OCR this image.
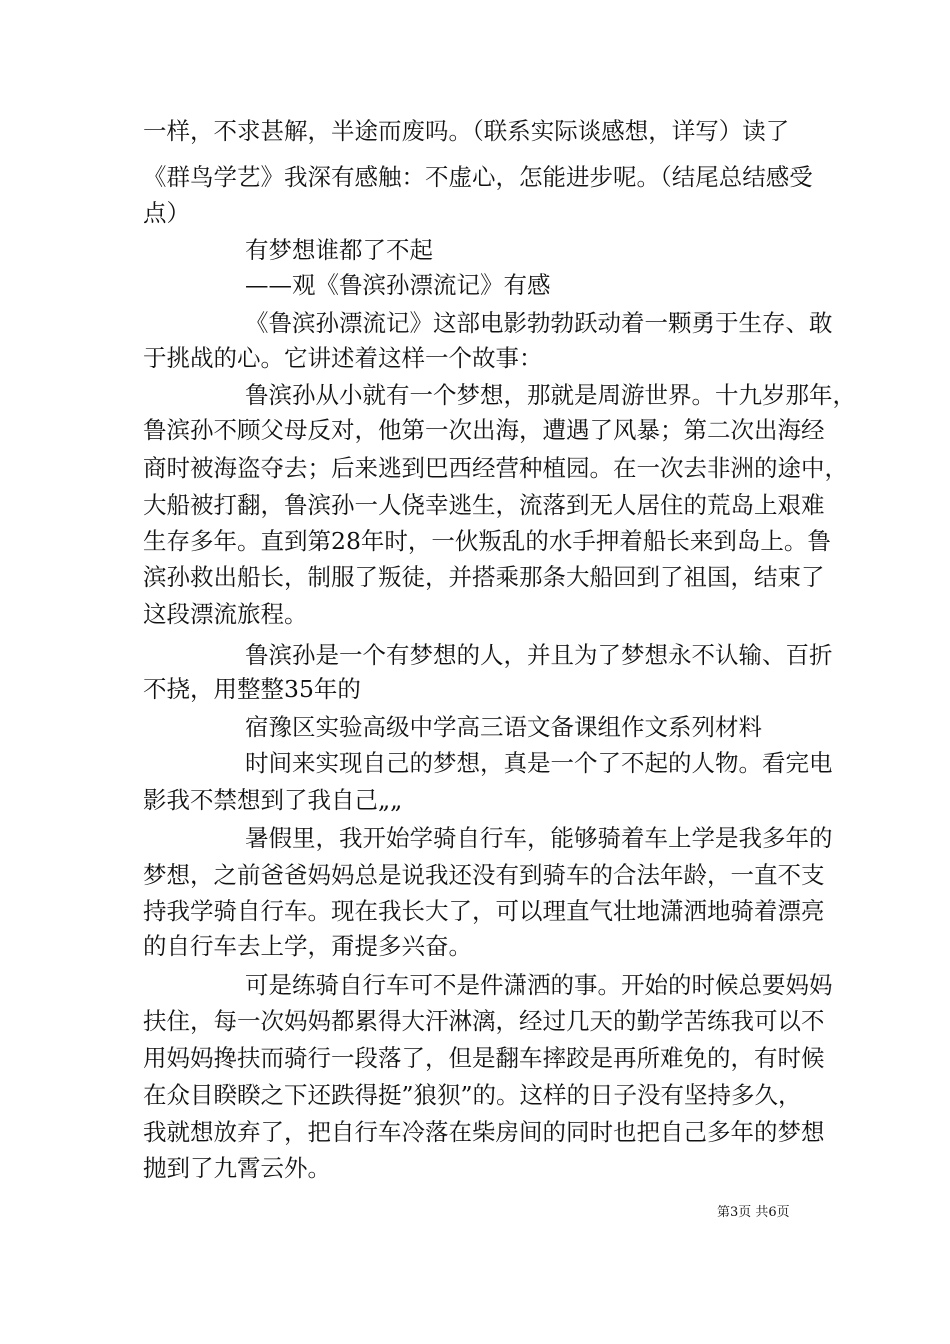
一样，不求甚解，半途而废吗。（联系实际谈感想，详写）读了
《群鸟学艺》我深有感触：不虚心，怎能进步呢。（结尾总结感受
点）
有梦想谁都了不起
——观《鲁滨孙漂流记》有感
《鲁滨孙漂流记》这部电影勃勃跃动着一颗勇于生存、敢
于挑战的心。它讲述着这样一个故事：
鲁滨孙从小就有一个梦想，那就是周游世界。十九岁那年，
鲁滨孙不顾父母反对，他第一次出海，遭遇了风暴；第二次出海经
商时被海盗夺去；后来逃到巴西经营种植园。在一次去非洲的途中，
大船被打翻，鲁滨孙一人侥幸逃生，流落到无人居住的荒岛上艰难
生存多年。直到第28年时，一伙叛乱的水手押着船长来到岛上。鲁
滨孙救出船长，制服了叛徒，并搭乘那条大船回到了祖国，结束了
这段漂流旅程。
鲁滨孙是一个有梦想的人，并且为了梦想永不认输、百折
不挠，用整整35年的
宿豫区实验高级中学高三语文备课组作文系列材料
时间来实现自己的梦想，真是一个了不起的人物。看完电
影我不禁想到了我自己„„
暑假里，我开始学骑自行车，能够骑着车上学是我多年的
梦想，之前爸爸妈妈总是说我还没有到骑车的合法年龄，一直不支
持我学骑自行车。现在我长大了，可以理直气壮地潇洒地骑着漂亮
的自行车去上学，甭提多兴奋。
可是练骑自行车可不是件潇洒的事。开始的时候总要妈妈
扶住，每一次妈妈都累得大汗淋漓，经过几天的勤学苦练我可以不
用妈妈搀扶而骑行一段落了，但是翻车摔跤是再所难免的，有时候
在众目睽睽之下还跌得挺”狼狈”的。这样的日子没有坚持多久，
我就想放弃了，把自行车冷落在柴房间的同时也把自己多年的梦想
抛到了九霄云外。
第3页 共6页
